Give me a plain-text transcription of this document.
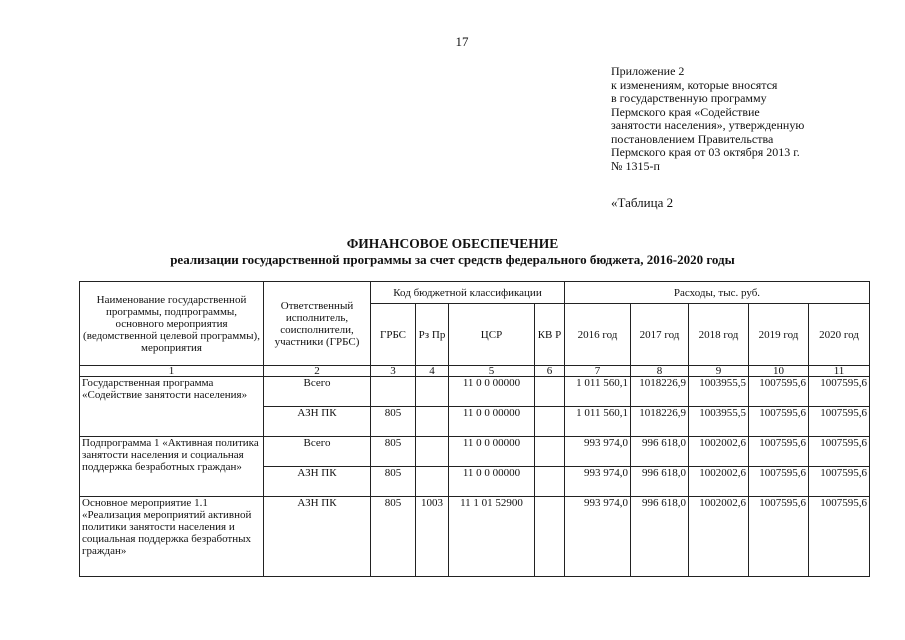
17
Приложение 2
к изменениям, которые вносятся
в государственную программу
Пермского края «Содействие
занятости населения», утвержденную
постановлением Правительства
Пермского края от 03 октября 2013 г.
№ 1315-п
«Таблица 2
ФИНАНСОВОЕ ОБЕСПЕЧЕНИЕ
реализации государственной программы за счет средств федерального бюджета, 2016-2020 годы
Наименование государственной программы, подпрограммы, основного мероприятия (ведомственной целевой программы), мероприятия	Ответственный исполнитель, соисполнители, участники (ГРБС)	Код бюджетной классификации				Расходы, тыс. руб.				
		ГРБС	Рз Пр	ЦСР	КВ Р	2016 год	2017 год	2018 год	2019 год	2020 год
1	2	3	4	5	6	7	8	9	10	11
Государственная программа «Содействие занятости населения»	Всего			11 0 0 00000		1 011 560,1	1018226,9	1003955,5	1007595,6	1007595,6
	АЗН ПК	805		11 0 0 00000		1 011 560,1	1018226,9	1003955,5	1007595,6	1007595,6
Подпрограмма 1 «Активная политика занятости населения и социальная поддержка безработных граждан»	Всего	805		11 0 0 00000		993 974,0	996 618,0	1002002,6	1007595,6	1007595,6
	АЗН ПК	805		11 0 0 00000		993 974,0	996 618,0	1002002,6	1007595,6	1007595,6
Основное мероприятие 1.1 «Реализация мероприятий активной политики занятости населения и социальная поддержка безработных граждан»	АЗН ПК	805	1003	11 1 01 52900		993 974,0	996 618,0	1002002,6	1007595,6	1007595,6
